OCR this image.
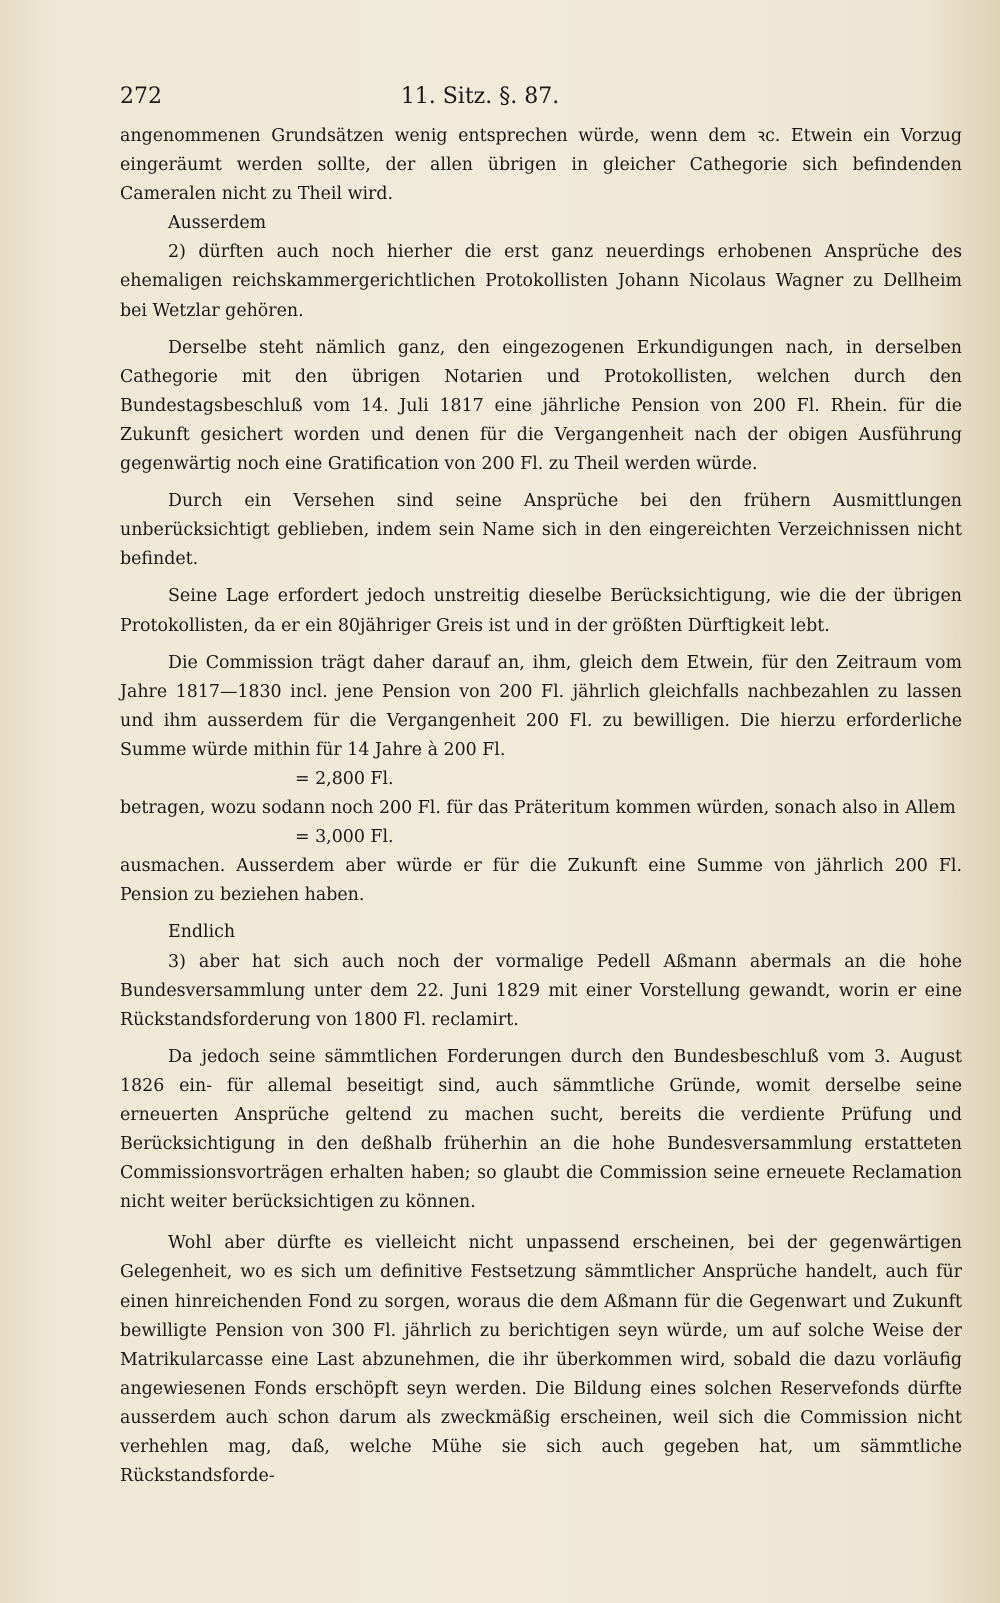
272	11. Sitz. §. 87.

angenommenen Grundsätzen wenig entsprechen würde, wenn dem ꝛc. Etwein ein Vorzug eingeräumt werden sollte, der allen übrigen in gleicher Cathegorie sich befindenden Cameralen nicht zu Theil wird.

Ausserdem

2) dürften auch noch hierher die erst ganz neuerdings erhobenen Ansprüche des ehemaligen reichskammergerichtlichen Protokollisten Johann Nicolaus Wagner zu Dellheim bei Wetzlar gehören.

Derselbe steht nämlich ganz, den eingezogenen Erkundigungen nach, in derselben Cathegorie mit den übrigen Notarien und Protokollisten, welchen durch den Bundestagsbeschluß vom 14. Juli 1817 eine jährliche Pension von 200 Fl. Rhein. für die Zukunft gesichert worden und denen für die Vergangenheit nach der obigen Ausführung gegenwärtig noch eine Gratification von 200 Fl. zu Theil werden würde.

Durch ein Versehen sind seine Ansprüche bei den frühern Ausmittlungen unberücksichtigt geblieben, indem sein Name sich in den eingereichten Verzeichnissen nicht befindet.

Seine Lage erfordert jedoch unstreitig dieselbe Berücksichtigung, wie die der übrigen Protokollisten, da er ein 80jähriger Greis ist und in der größten Dürftigkeit lebt.

Die Commission trägt daher darauf an, ihm, gleich dem Etwein, für den Zeitraum vom Jahre 1817—1830 incl. jene Pension von 200 Fl. jährlich gleichfalls nachbezahlen zu lassen und ihm ausserdem für die Vergangenheit 200 Fl. zu bewilligen. Die hierzu erforderliche Summe würde mithin für 14 Jahre à 200 Fl.

= 2,800 Fl.

betragen, wozu sodann noch 200 Fl. für das Präteritum kommen würden, sonach also in Allem

= 3,000 Fl.

ausmachen. Ausserdem aber würde er für die Zukunft eine Summe von jährlich 200 Fl. Pension zu beziehen haben.

Endlich

3) aber hat sich auch noch der vormalige Pedell Aßmann abermals an die hohe Bundesversammlung unter dem 22. Juni 1829 mit einer Vorstellung gewandt, worin er eine Rückstandsforderung von 1800 Fl. reclamirt.

Da jedoch seine sämmtlichen Forderungen durch den Bundesbeschluß vom 3. August 1826 ein- für allemal beseitigt sind, auch sämmtliche Gründe, womit derselbe seine erneuerten Ansprüche geltend zu machen sucht, bereits die verdiente Prüfung und Berücksichtigung in den deßhalb früherhin an die hohe Bundesversammlung erstatteten Commissionsvorträgen erhalten haben; so glaubt die Commission seine erneuete Reclamation nicht weiter berücksichtigen zu können.

Wohl aber dürfte es vielleicht nicht unpassend erscheinen, bei der gegenwärtigen Gelegenheit, wo es sich um definitive Festsetzung sämmtlicher Ansprüche handelt, auch für einen hinreichenden Fond zu sorgen, woraus die dem Aßmann für die Gegenwart und Zukunft bewilligte Pension von 300 Fl. jährlich zu berichtigen seyn würde, um auf solche Weise der Matrikularcasse eine Last abzunehmen, die ihr überkommen wird, sobald die dazu vorläufig angewiesenen Fonds erschöpft seyn werden. Die Bildung eines solchen Reservefonds dürfte ausserdem auch schon darum als zweckmäßig erscheinen, weil sich die Commission nicht verhehlen mag, daß, welche Mühe sie sich auch gegeben hat, um sämmtliche Rückstandsforde-
